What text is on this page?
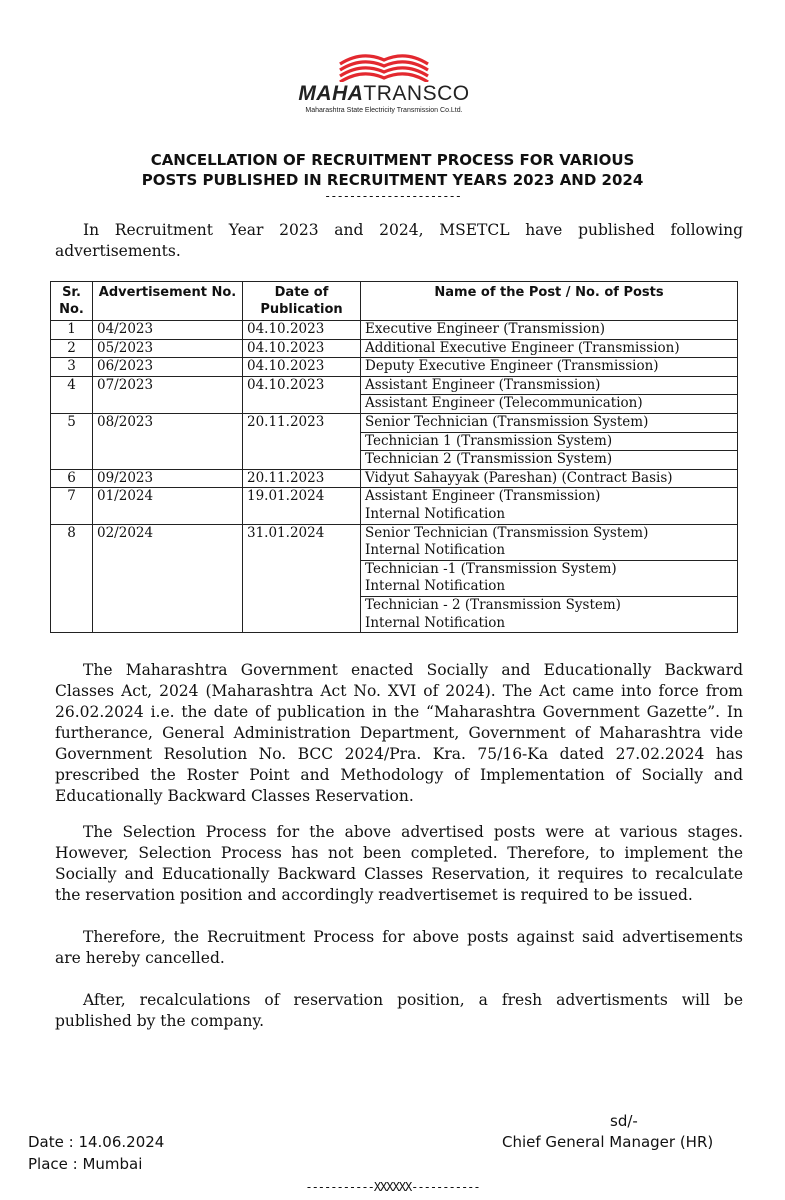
MAHATRANSCO
Maharashtra State Electricity Transmission Co.Ltd.
CANCELLATION OF RECRUITMENT PROCESS FOR VARIOUS
POSTS PUBLISHED IN RECRUITMENT YEARS 2023 AND 2024
----------------------

In Recruitment Year 2023 and 2024, MSETCL have published following advertisements.

Sr. No.	Advertisement No.	Date of Publication	Name of the Post / No. of Posts
1	04/2023	04.10.2023	Executive Engineer (Transmission)
2	05/2023	04.10.2023	Additional Executive Engineer (Transmission)
3	06/2023	04.10.2023	Deputy Executive Engineer (Transmission)
4	07/2023	04.10.2023	Assistant Engineer (Transmission)
			Assistant Engineer (Telecommunication)
5	08/2023	20.11.2023	Senior Technician (Transmission System)
			Technician 1 (Transmission System)
			Technician 2 (Transmission System)
6	09/2023	20.11.2023	Vidyut Sahayyak (Pareshan) (Contract Basis)
7	01/2024	19.01.2024	Assistant Engineer (Transmission)
Internal Notification
8	02/2024	31.01.2024	Senior Technician (Transmission System)
Internal Notification
			Technician -1 (Transmission System)
Internal Notification
			Technician - 2 (Transmission System)
Internal Notification

The Maharashtra Government enacted Socially and Educationally Backward Classes Act, 2024 (Maharashtra Act No. XVI of 2024). The Act came into force from 26.02.2024 i.e. the date of publication in the “Maharashtra Government Gazette”. In furtherance, General Administration Department, Government of Maharashtra vide Government Resolution No. BCC 2024/Pra. Kra. 75/16-Ka dated 27.02.2024 has prescribed the Roster Point and Methodology of Implementation of Socially and Educationally Backward Classes Reservation.

The Selection Process for the above advertised posts were at various stages. However, Selection Process has not been completed. Therefore, to implement the Socially and Educationally Backward Classes Reservation, it requires to recalculate the reservation position and accordingly readvertisemet is required to be issued.

Therefore, the Recruitment Process for above posts against said advertisements are hereby cancelled.

After, recalculations of reservation position, a fresh advertisments will be published by the company.

sd/-
Chief General Manager (HR)
Date : 14.06.2024
Place : Mumbai
-----------XXXXXX-----------
